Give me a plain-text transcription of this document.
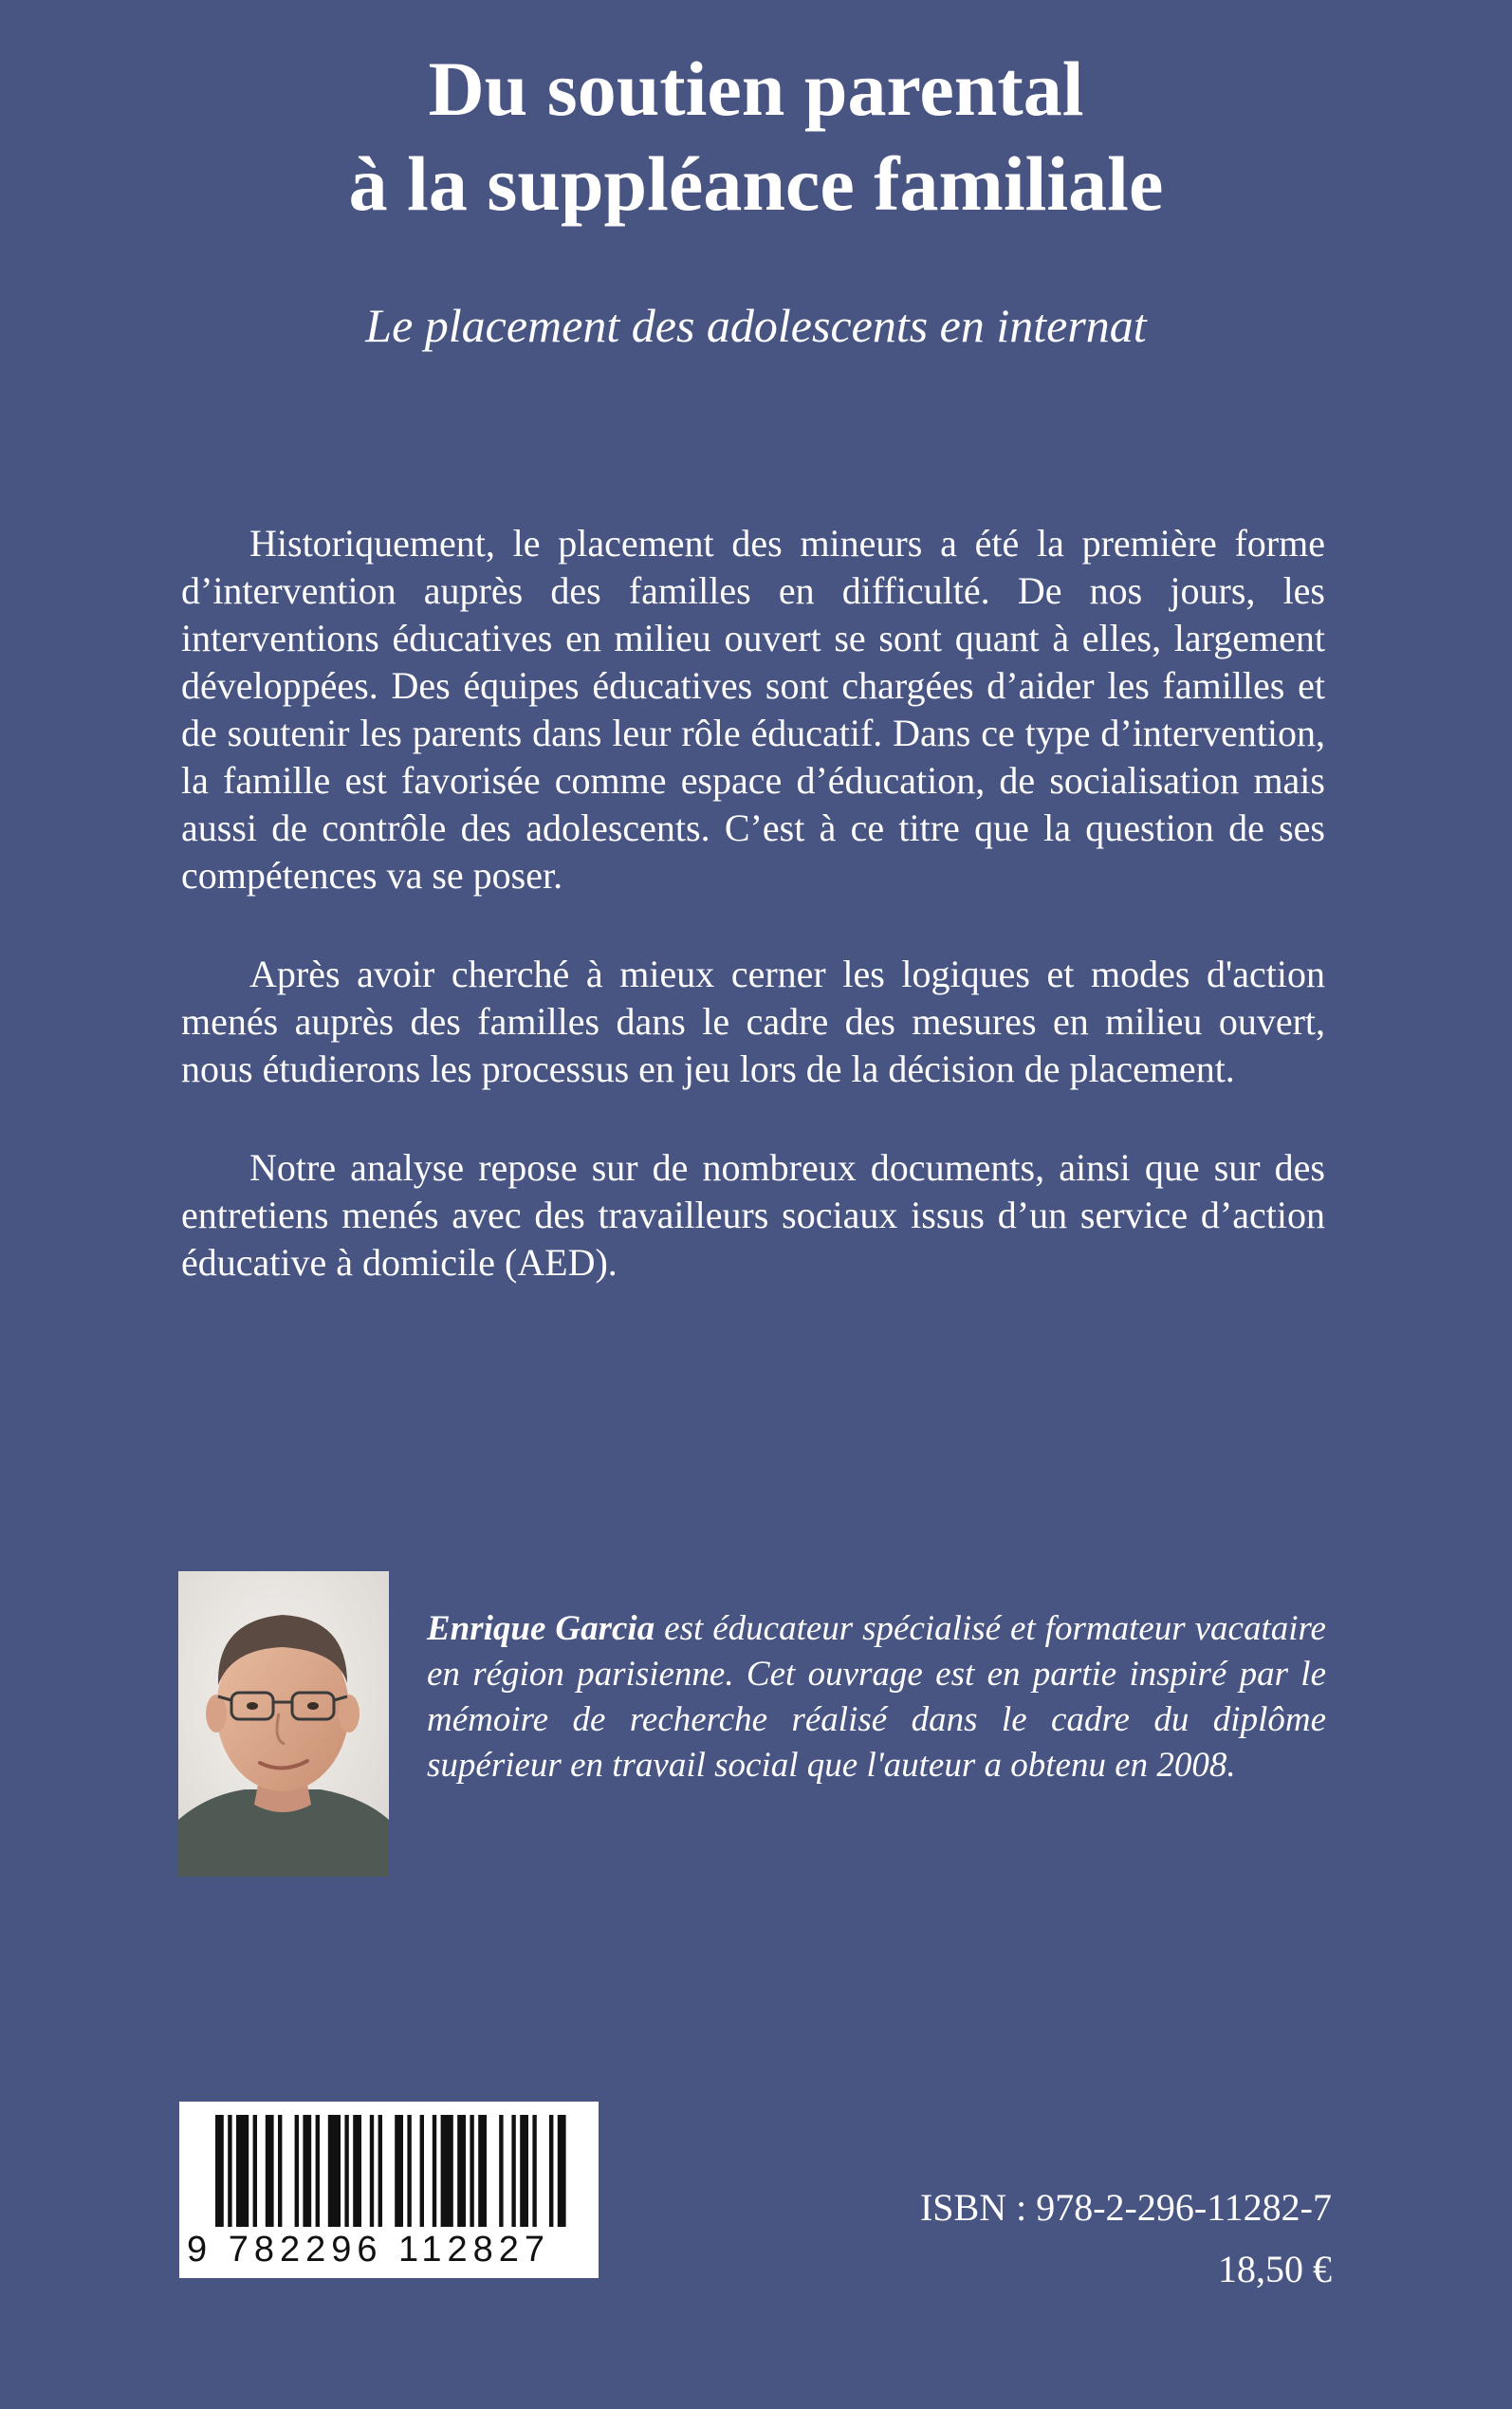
Du soutien parental
à la suppléance familiale

Le placement des adolescents en internat

Historiquement, le placement des mineurs a été la première forme d’intervention auprès des familles en difficulté. De nos jours, les interventions éducatives en milieu ouvert se sont quant à elles, largement développées. Des équipes éducatives sont chargées d’aider les familles et de soutenir les parents dans leur rôle éducatif. Dans ce type d’intervention, la famille est favorisée comme espace d’éducation, de socialisation mais aussi de contrôle des adolescents. C’est à ce titre que la question de ses compétences va se poser.

Après avoir cherché à mieux cerner les logiques et modes d'action menés auprès des familles dans le cadre des mesures en milieu ouvert, nous étudierons les processus en jeu lors de la décision de placement.

Notre analyse repose sur de nombreux documents, ainsi que sur des entretiens menés avec des travailleurs sociaux issus d’un service d’action éducative à domicile (AED).

Enrique Garcia est éducateur spécialisé et formateur vacataire en région parisienne. Cet ouvrage est en partie inspiré par le mémoire de recherche réalisé dans le cadre du diplôme supérieur en travail social que l'auteur a obtenu en 2008.

9 782296 112827
ISBN : 978-2-296-11282-7
18,50 €
